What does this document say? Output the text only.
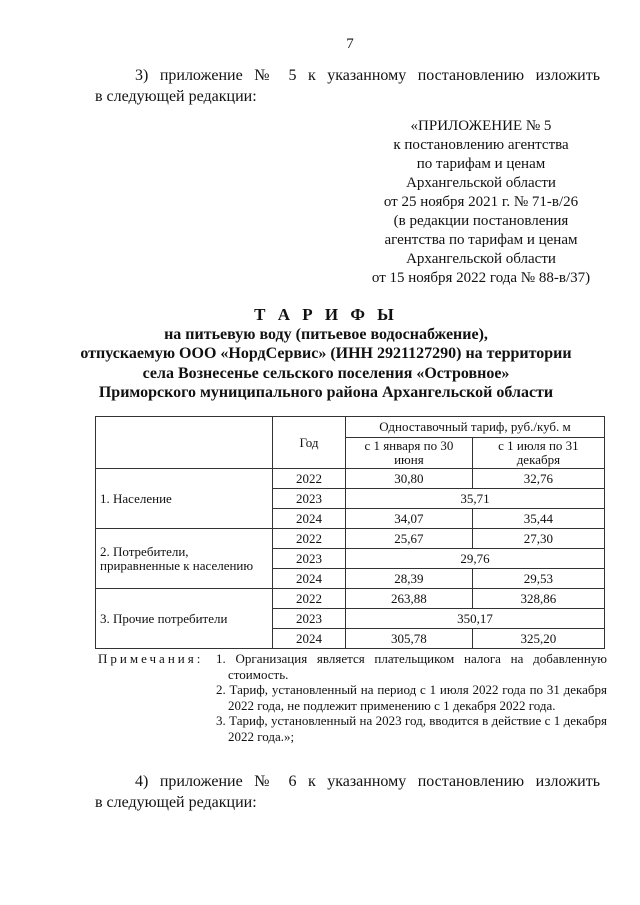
7
3) приложение № 5 к указанному постановлению изложить
в следующей редакции:
«ПРИЛОЖЕНИЕ № 5
к постановлению агентства
по тарифам и ценам
Архангельской области
от 25 ноября 2021 г. № 71-в/26
(в редакции постановления
агентства по тарифам и ценам
Архангельской области
от 15 ноября 2022 года № 88-в/37)
Т А Р И Ф Ы
на питьевую воду (питьевое водоснабжение),
отпускаемую ООО «НордСервис» (ИНН 2921127290) на территории
села Вознесенье сельского поселения «Островное»
Приморского муниципального района Архангельской области
	Год	Одноставочный тариф, руб./куб. м	
		с 1 января по 30 июня	с 1 июля по 31 декабря
1. Население	2022	30,80	32,76
	2023	35,71	
	2024	34,07	35,44
2. Потребители, приравненные к населению	2022	25,67	27,30
	2023	29,76	
	2024	28,39	29,53
3. Прочие потребители	2022	263,88	328,86
	2023	350,17	
	2024	305,78	325,20
Примечания: 1. Организация является плательщиком налога на добавленную стоимость.
2. Тариф, установленный на период с 1 июля 2022 года по 31 декабря 2022 года, не подлежит применению с 1 декабря 2022 года.
3. Тариф, установленный на 2023 год, вводится в действие с 1 декабря 2022 года.»;
4) приложение № 6 к указанному постановлению изложить
в следующей редакции:
